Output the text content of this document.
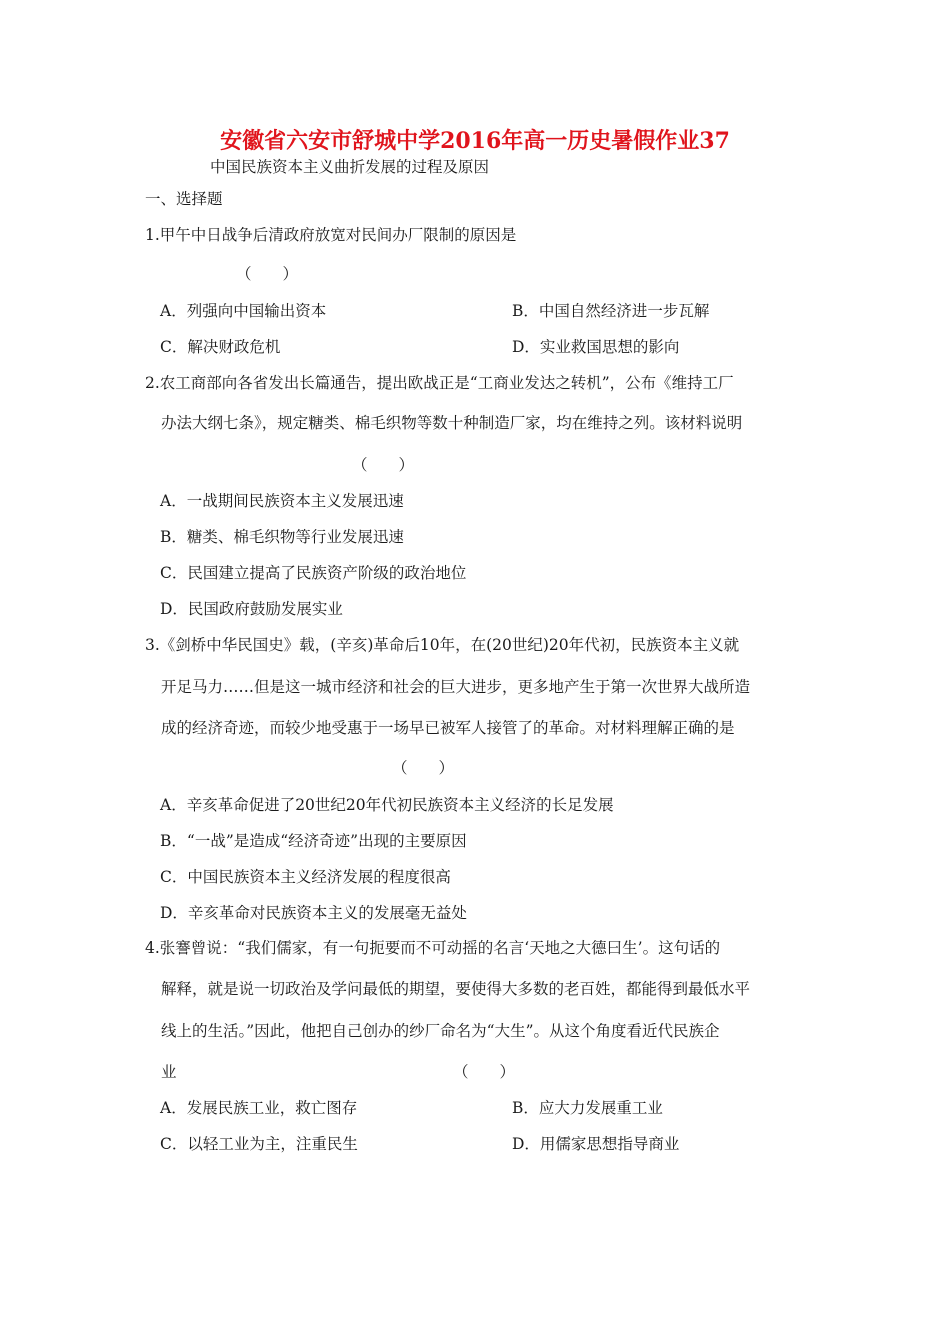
安徽省六安市舒城中学2016年高一历史暑假作业37
中国民族资本主义曲折发展的过程及原因
一、选择题
1.甲午中日战争后清政府放宽对民间办厂限制的原因是
（　　）
A．列强向中国输出资本	B．中国自然经济进一步瓦解
C．解决财政危机	D．实业救国思想的影向
2.农工商部向各省发出长篇通告，提出欧战正是“工商业发达之转机”，公布《维持工厂
办法大纲七条》，规定糖类、棉毛织物等数十种制造厂家，均在维持之列。该材料说明
（　　）
A．一战期间民族资本主义发展迅速
B．糖类、棉毛织物等行业发展迅速
C．民国建立提高了民族资产阶级的政治地位
D．民国政府鼓励发展实业
3.《剑桥中华民国史》载，(辛亥)革命后10年，在(20世纪)20年代初，民族资本主义就
开足马力……但是这一城市经济和社会的巨大进步，更多地产生于第一次世界大战所造
成的经济奇迹，而较少地受惠于一场早已被军人接管了的革命。对材料理解正确的是
（　　）
A．辛亥革命促进了20世纪20年代初民族资本主义经济的长足发展
B．“一战”是造成“经济奇迹”出现的主要原因
C．中国民族资本主义经济发展的程度很高
D．辛亥革命对民族资本主义的发展毫无益处
4.张謇曾说：“我们儒家，有一句扼要而不可动摇的名言‘天地之大德曰生’。这句话的
解释，就是说一切政治及学问最低的期望，要使得大多数的老百姓，都能得到最低水平
线上的生活。”因此，他把自己创办的纱厂命名为“大生”。从这个角度看近代民族企
业	（　　）
A．发展民族工业，救亡图存	B．应大力发展重工业
C．以轻工业为主，注重民生	D．用儒家思想指导商业
